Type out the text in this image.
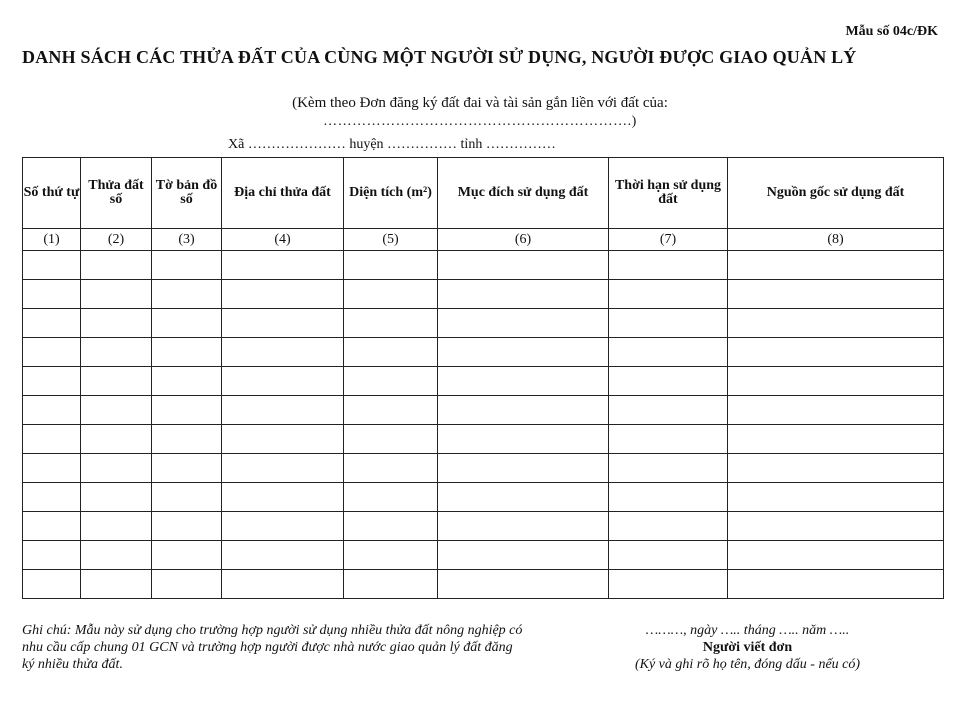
Mẫu số 04c/ĐK
DANH SÁCH CÁC THỬA ĐẤT CỦA CÙNG MỘT NGƯỜI SỬ DỤNG, NGƯỜI ĐƯỢC GIAO QUẢN LÝ
(Kèm theo Đơn đăng ký đất đai và tài sản gắn liền với đất của:
……………………………………………………….)
Xã ………………… huyện …………… tỉnh ……………
Số thứ tự	Thửa đất số	Tờ bản đồ số	Địa chỉ thửa đất	Diện tích (m²)	Mục đích sử dụng đất	Thời hạn sử dụng đất	Nguồn gốc sử dụng đất
(1)	(2)	(3)	(4)	(5)	(6)	(7)	(8)

Ghi chú: Mẫu này sử dụng cho trường hợp người sử dụng nhiều thửa đất nông nghiệp có nhu cầu cấp chung 01 GCN và trường hợp người được nhà nước giao quản lý đất đăng ký nhiều thửa đất.
………, ngày ….. tháng ….. năm …..
Người viết đơn
(Ký và ghi rõ họ tên, đóng dấu - nếu có)
